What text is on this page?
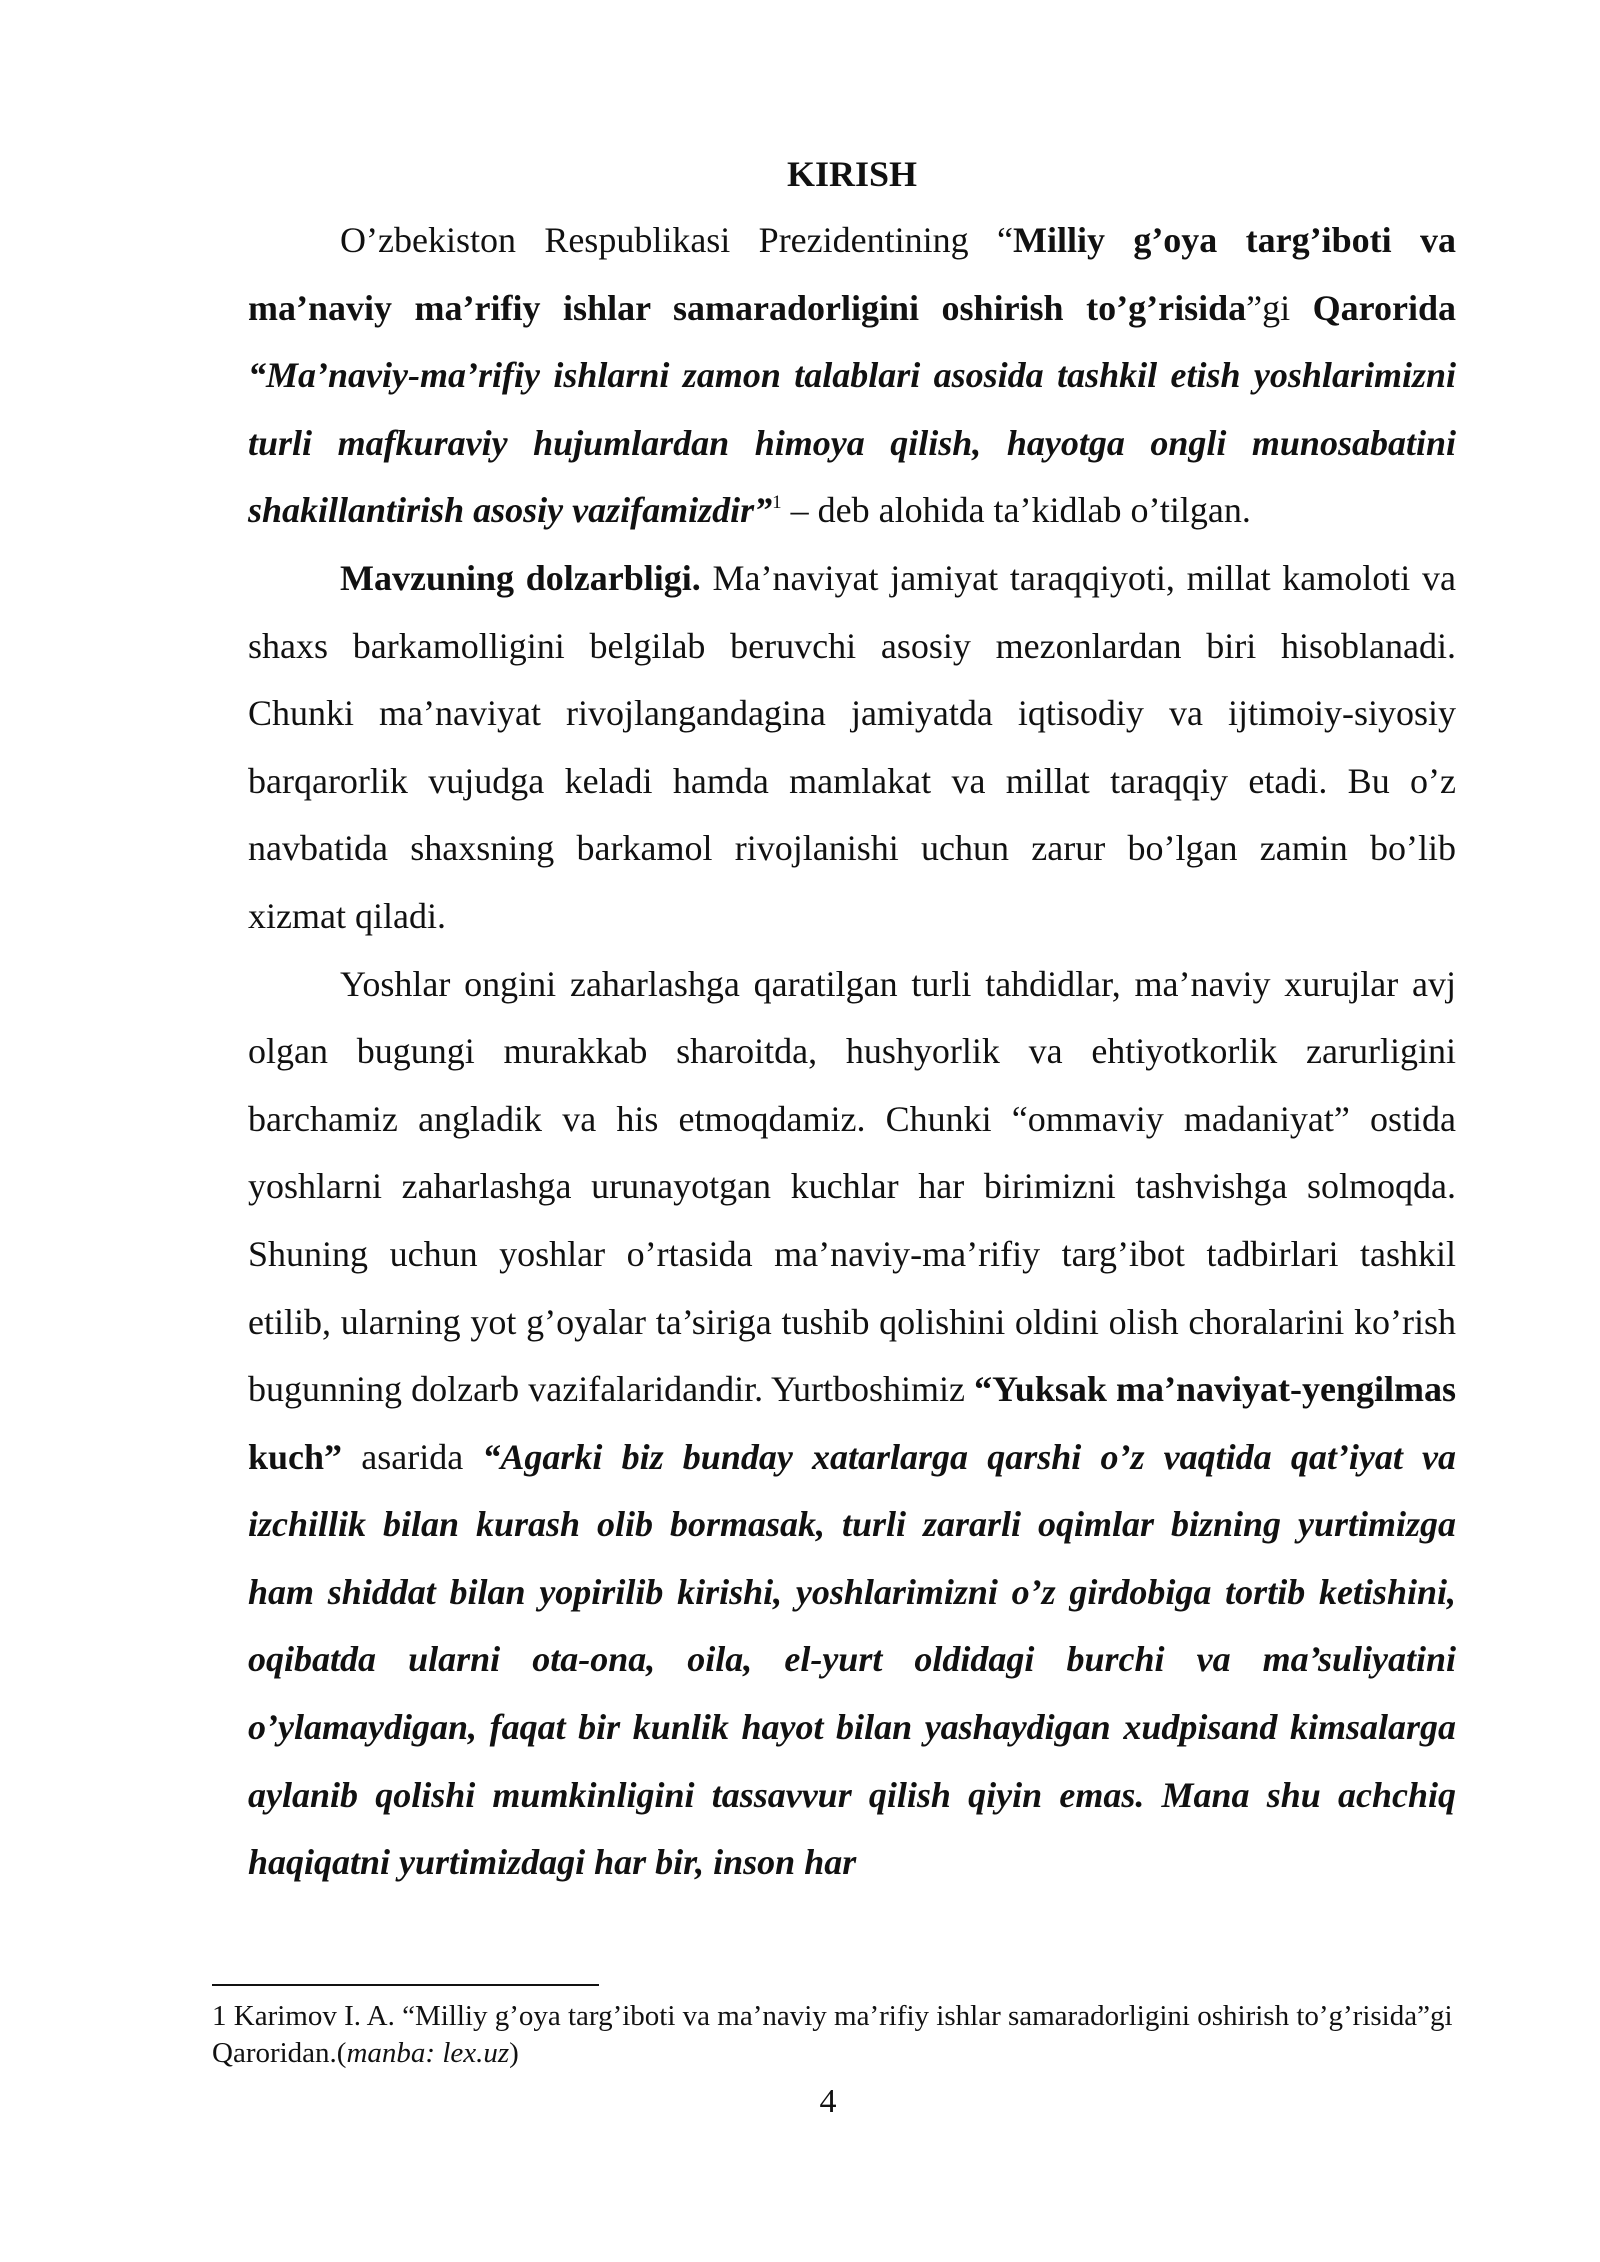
KIRISH

O’zbekiston Respublikasi Prezidentining “Milliy g’oya targ’iboti va ma’naviy ma’rifiy ishlar samaradorligini oshirish to’g’risida”gi Qarorida “Ma’naviy-ma’rifiy ishlarni zamon talablari asosida tashkil etish yoshlarimizni turli mafkuraviy hujumlardan himoya qilish, hayotga ongli munosabatini shakillantirish asosiy vazifamizdir”$^1$ – deb alohida ta’kidlab o’tilgan.

Mavzuning dolzarbligi. Ma’naviyat jamiyat taraqqiyoti, millat kamoloti va shaxs barkamolligini belgilab beruvchi asosiy mezonlardan biri hisoblanadi. Chunki ma’naviyat rivojlangandagina jamiyatda iqtisodiy va ijtimoiy-siyosiy barqarorlik vujudga keladi hamda mamlakat va millat taraqqiy etadi. Bu o’z navbatida shaxsning barkamol rivojlanishi uchun zarur bo’lgan zamin bo’lib xizmat qiladi.

Yoshlar ongini zaharlashga qaratilgan turli tahdidlar, ma’naviy xurujlar avj olgan bugungi murakkab sharoitda, hushyorlik va ehtiyotkorlik zarurligini barchamiz angladik va his etmoqdamiz. Chunki “ommaviy madaniyat” ostida yoshlarni zaharlashga urunayotgan kuchlar har birimizni tashvishga solmoqda. Shuning uchun yoshlar o’rtasida ma’naviy-ma’rifiy targ’ibot tadbirlari tashkil etilib, ularning yot g’oyalar ta’siriga tushib qolishini oldini olish choralarini ko’rish bugunning dolzarb vazifalaridandir. Yurtboshimiz “Yuksak ma’naviyat-yengilmas kuch” asarida “Agarki biz bunday xatarlarga qarshi o’z vaqtida qat’iyat va izchillik bilan kurash olib bormasak, turli zararli oqimlar bizning yurtimizga ham shiddat bilan yopirilib kirishi, yoshlarimizni o’z girdobiga tortib ketishini, oqibatda ularni ota-ona, oila, el-yurt oldidagi burchi va ma’suliyatini o’ylamaydigan, faqat bir kunlik hayot bilan yashaydigan xudpisand kimsalarga aylanib qolishi mumkinligini tassavvur qilish qiyin emas. Mana shu achchiq haqiqatni yurtimizdagi har bir, inson har

1 Karimov I. A. “Milliy g’oya targ’iboti va ma’naviy ma’rifiy ishlar samaradorligini oshirish to’g’risida”gi Qaroridan.(manba: lex.uz)
4
